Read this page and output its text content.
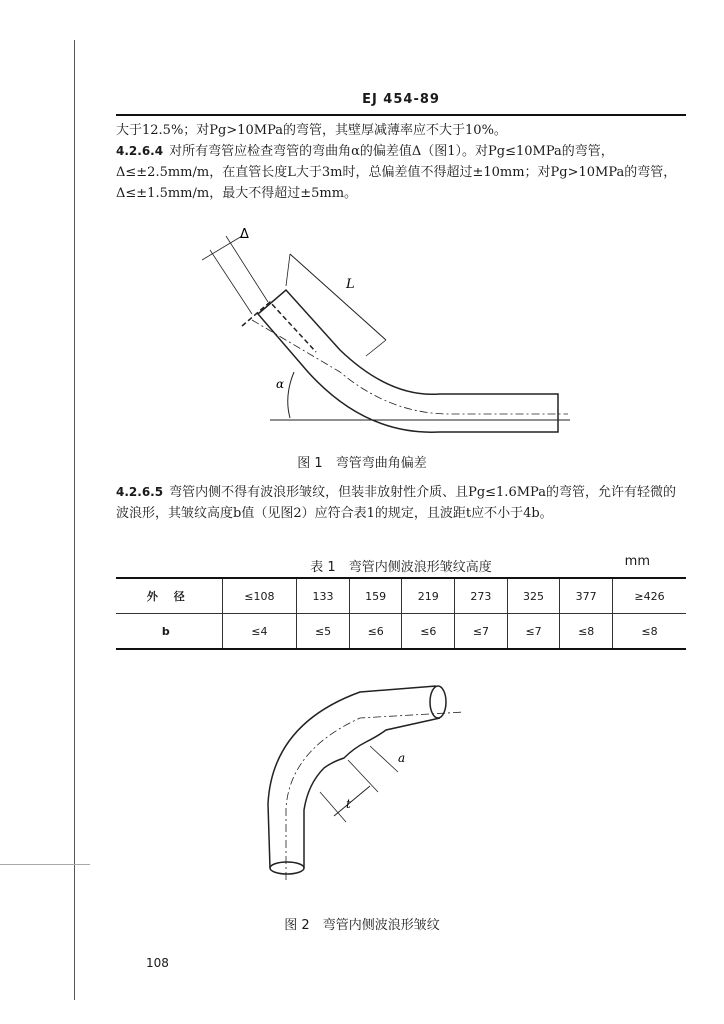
EJ 454-89
大于12.5%；对Pg>10MPa的弯管，其壁厚减薄率应不大于10%。
4.2.6.4 对所有弯管应检查弯管的弯曲角α的偏差值Δ（图1）。对Pg≤10MPa的弯管，Δ≤±2.5mm/m，在直管长度L大于3m时，总偏差值不得超过±10mm；对Pg>10MPa的弯管，Δ≤±1.5mm/m，最大不得超过±5mm。
Δ
L
α
图 1　弯管弯曲角偏差
4.2.6.5 弯管内侧不得有波浪形皱纹，但装非放射性介质、且Pg≤1.6MPa的弯管，允许有轻微的波浪形，其皱纹高度b值（见图2）应符合表1的规定，且波距t应不小于4b。
表 1　弯管内侧波浪形皱纹高度	mm
外 径	≤108	133	159	219	273	325	377	≥426
b	≤4	≤5	≤6	≤6	≤7	≤7	≤8	≤8
t
a
图 2　弯管内侧波浪形皱纹
108
